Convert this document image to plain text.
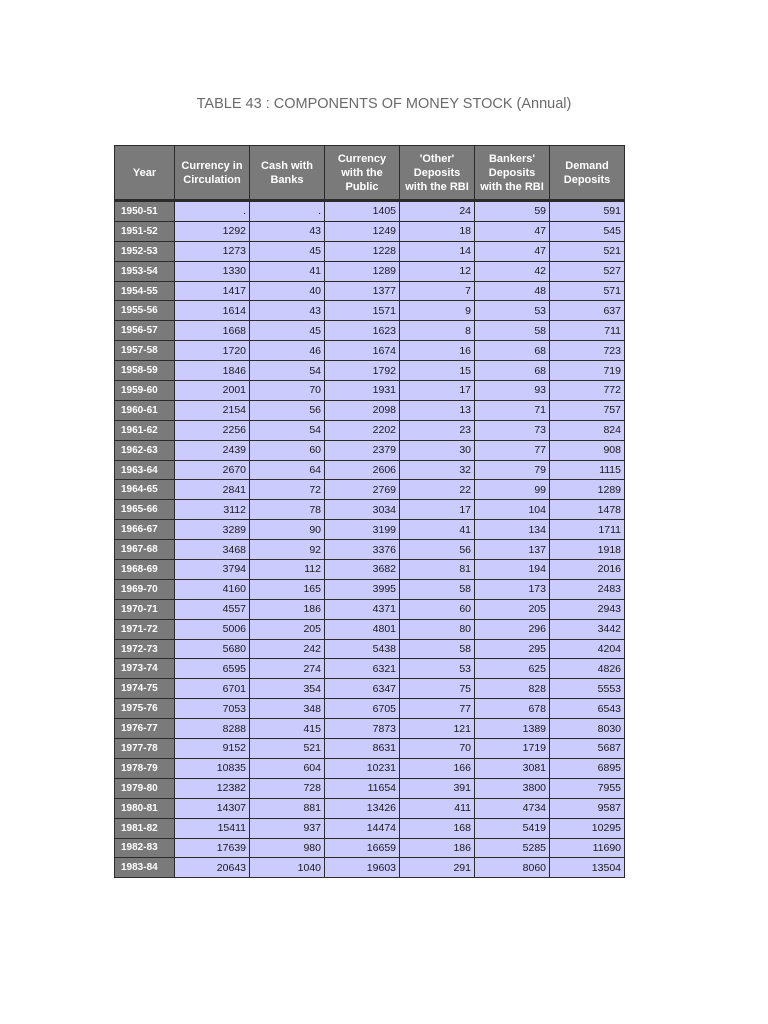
TABLE 43 : COMPONENTS OF MONEY STOCK (Annual)
Year	Currency in Circulation	Cash with Banks	Currency with the Public	'Other' Deposits with the RBI	Bankers' Deposits with the RBI	Demand Deposits
1950-51	.	.	1405	24	59	591
1951-52	1292	43	1249	18	47	545
1952-53	1273	45	1228	14	47	521
1953-54	1330	41	1289	12	42	527
1954-55	1417	40	1377	7	48	571
1955-56	1614	43	1571	9	53	637
1956-57	1668	45	1623	8	58	711
1957-58	1720	46	1674	16	68	723
1958-59	1846	54	1792	15	68	719
1959-60	2001	70	1931	17	93	772
1960-61	2154	56	2098	13	71	757
1961-62	2256	54	2202	23	73	824
1962-63	2439	60	2379	30	77	908
1963-64	2670	64	2606	32	79	1115
1964-65	2841	72	2769	22	99	1289
1965-66	3112	78	3034	17	104	1478
1966-67	3289	90	3199	41	134	1711
1967-68	3468	92	3376	56	137	1918
1968-69	3794	112	3682	81	194	2016
1969-70	4160	165	3995	58	173	2483
1970-71	4557	186	4371	60	205	2943
1971-72	5006	205	4801	80	296	3442
1972-73	5680	242	5438	58	295	4204
1973-74	6595	274	6321	53	625	4826
1974-75	6701	354	6347	75	828	5553
1975-76	7053	348	6705	77	678	6543
1976-77	8288	415	7873	121	1389	8030
1977-78	9152	521	8631	70	1719	5687
1978-79	10835	604	10231	166	3081	6895
1979-80	12382	728	11654	391	3800	7955
1980-81	14307	881	13426	411	4734	9587
1981-82	15411	937	14474	168	5419	10295
1982-83	17639	980	16659	186	5285	11690
1983-84	20643	1040	19603	291	8060	13504
